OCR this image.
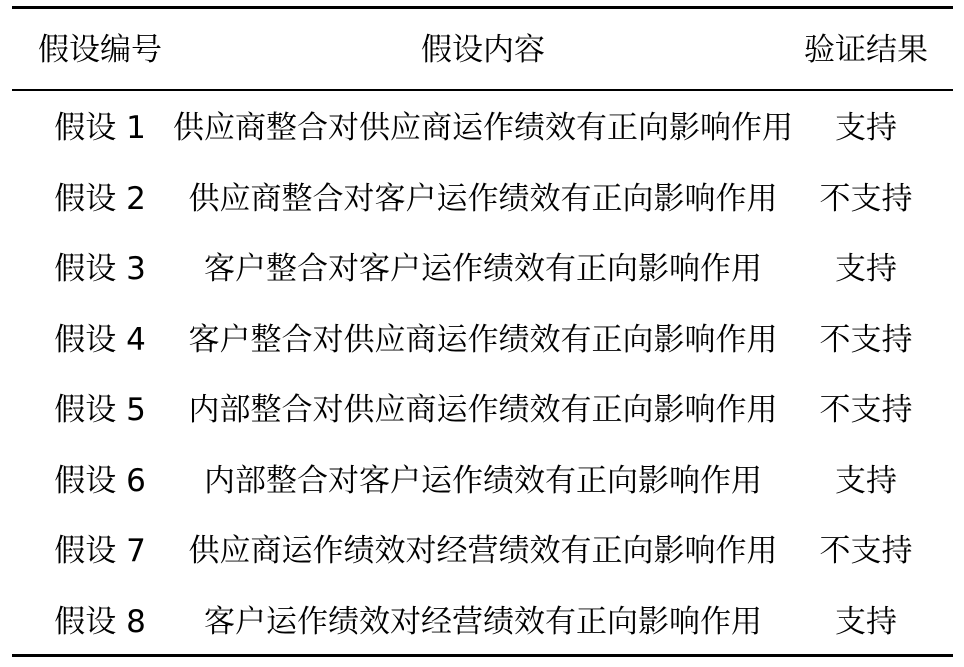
假设编号	假设内容	验证结果
假设 1 供应商整合对供应商运作绩效有正向影响作用 支持
假设 2 供应商整合对客户运作绩效有正向影响作用 不支持
假设 3 客户整合对客户运作绩效有正向影响作用 支持
假设 4 客户整合对供应商运作绩效有正向影响作用 不支持
假设 5 内部整合对供应商运作绩效有正向影响作用 不支持
假设 6 内部整合对客户运作绩效有正向影响作用 支持
假设 7 供应商运作绩效对经营绩效有正向影响作用 不支持
假设 8 客户运作绩效对经营绩效有正向影响作用 支持
